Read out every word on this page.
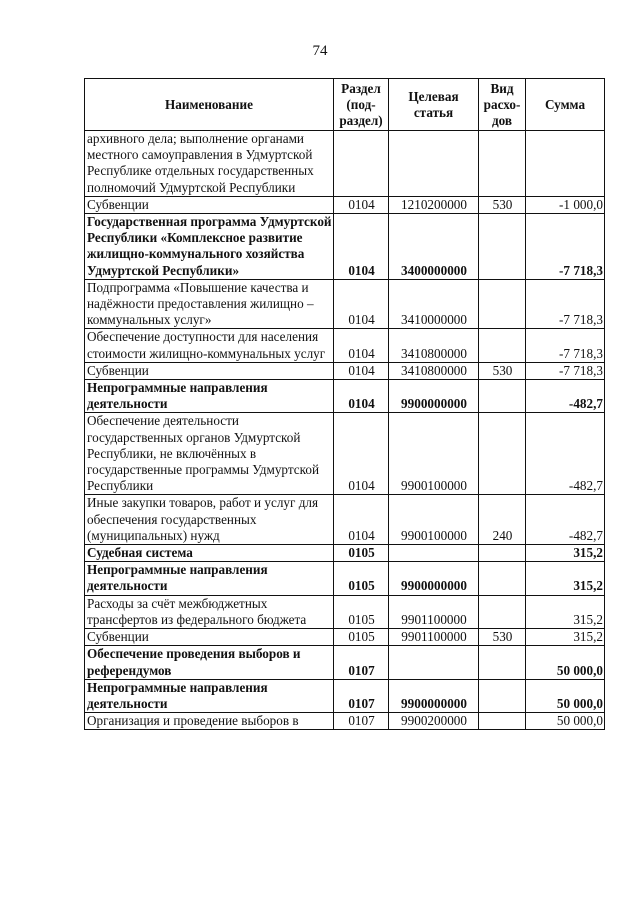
74
Наименование	Раздел (под-раздел)	Целевая статья	Вид расхо-дов	Сумма
архивного дела; выполнение органами местного самоуправления в Удмуртской Республике отдельных государственных полномочий Удмуртской Республики				
Субвенции	0104	1210200000	530	-1 000,0
Государственная программа Удмуртской Республики «Комплексное развитие жилищно-коммунального хозяйства Удмуртской Республики»	0104	3400000000		-7 718,3
Подпрограмма «Повышение качества и надёжности предоставления жилищно – коммунальных услуг»	0104	3410000000		-7 718,3
Обеспечение доступности для населения стоимости жилищно-коммунальных услуг	0104	3410800000		-7 718,3
Субвенции	0104	3410800000	530	-7 718,3
Непрограммные направления деятельности	0104	9900000000		-482,7
Обеспечение деятельности государственных органов Удмуртской Республики, не включённых в государственные программы Удмуртской Республики	0104	9900100000		-482,7
Иные закупки товаров, работ и услуг для обеспечения государственных (муниципальных) нужд	0104	9900100000	240	-482,7
Судебная система	0105			315,2
Непрограммные направления деятельности	0105	9900000000		315,2
Расходы за счёт межбюджетных трансфертов из федерального бюджета	0105	9901100000		315,2
Субвенции	0105	9901100000	530	315,2
Обеспечение проведения выборов и референдумов	0107			50 000,0
Непрограммные направления деятельности	0107	9900000000		50 000,0
Организация и проведение выборов в	0107	9900200000		50 000,0
